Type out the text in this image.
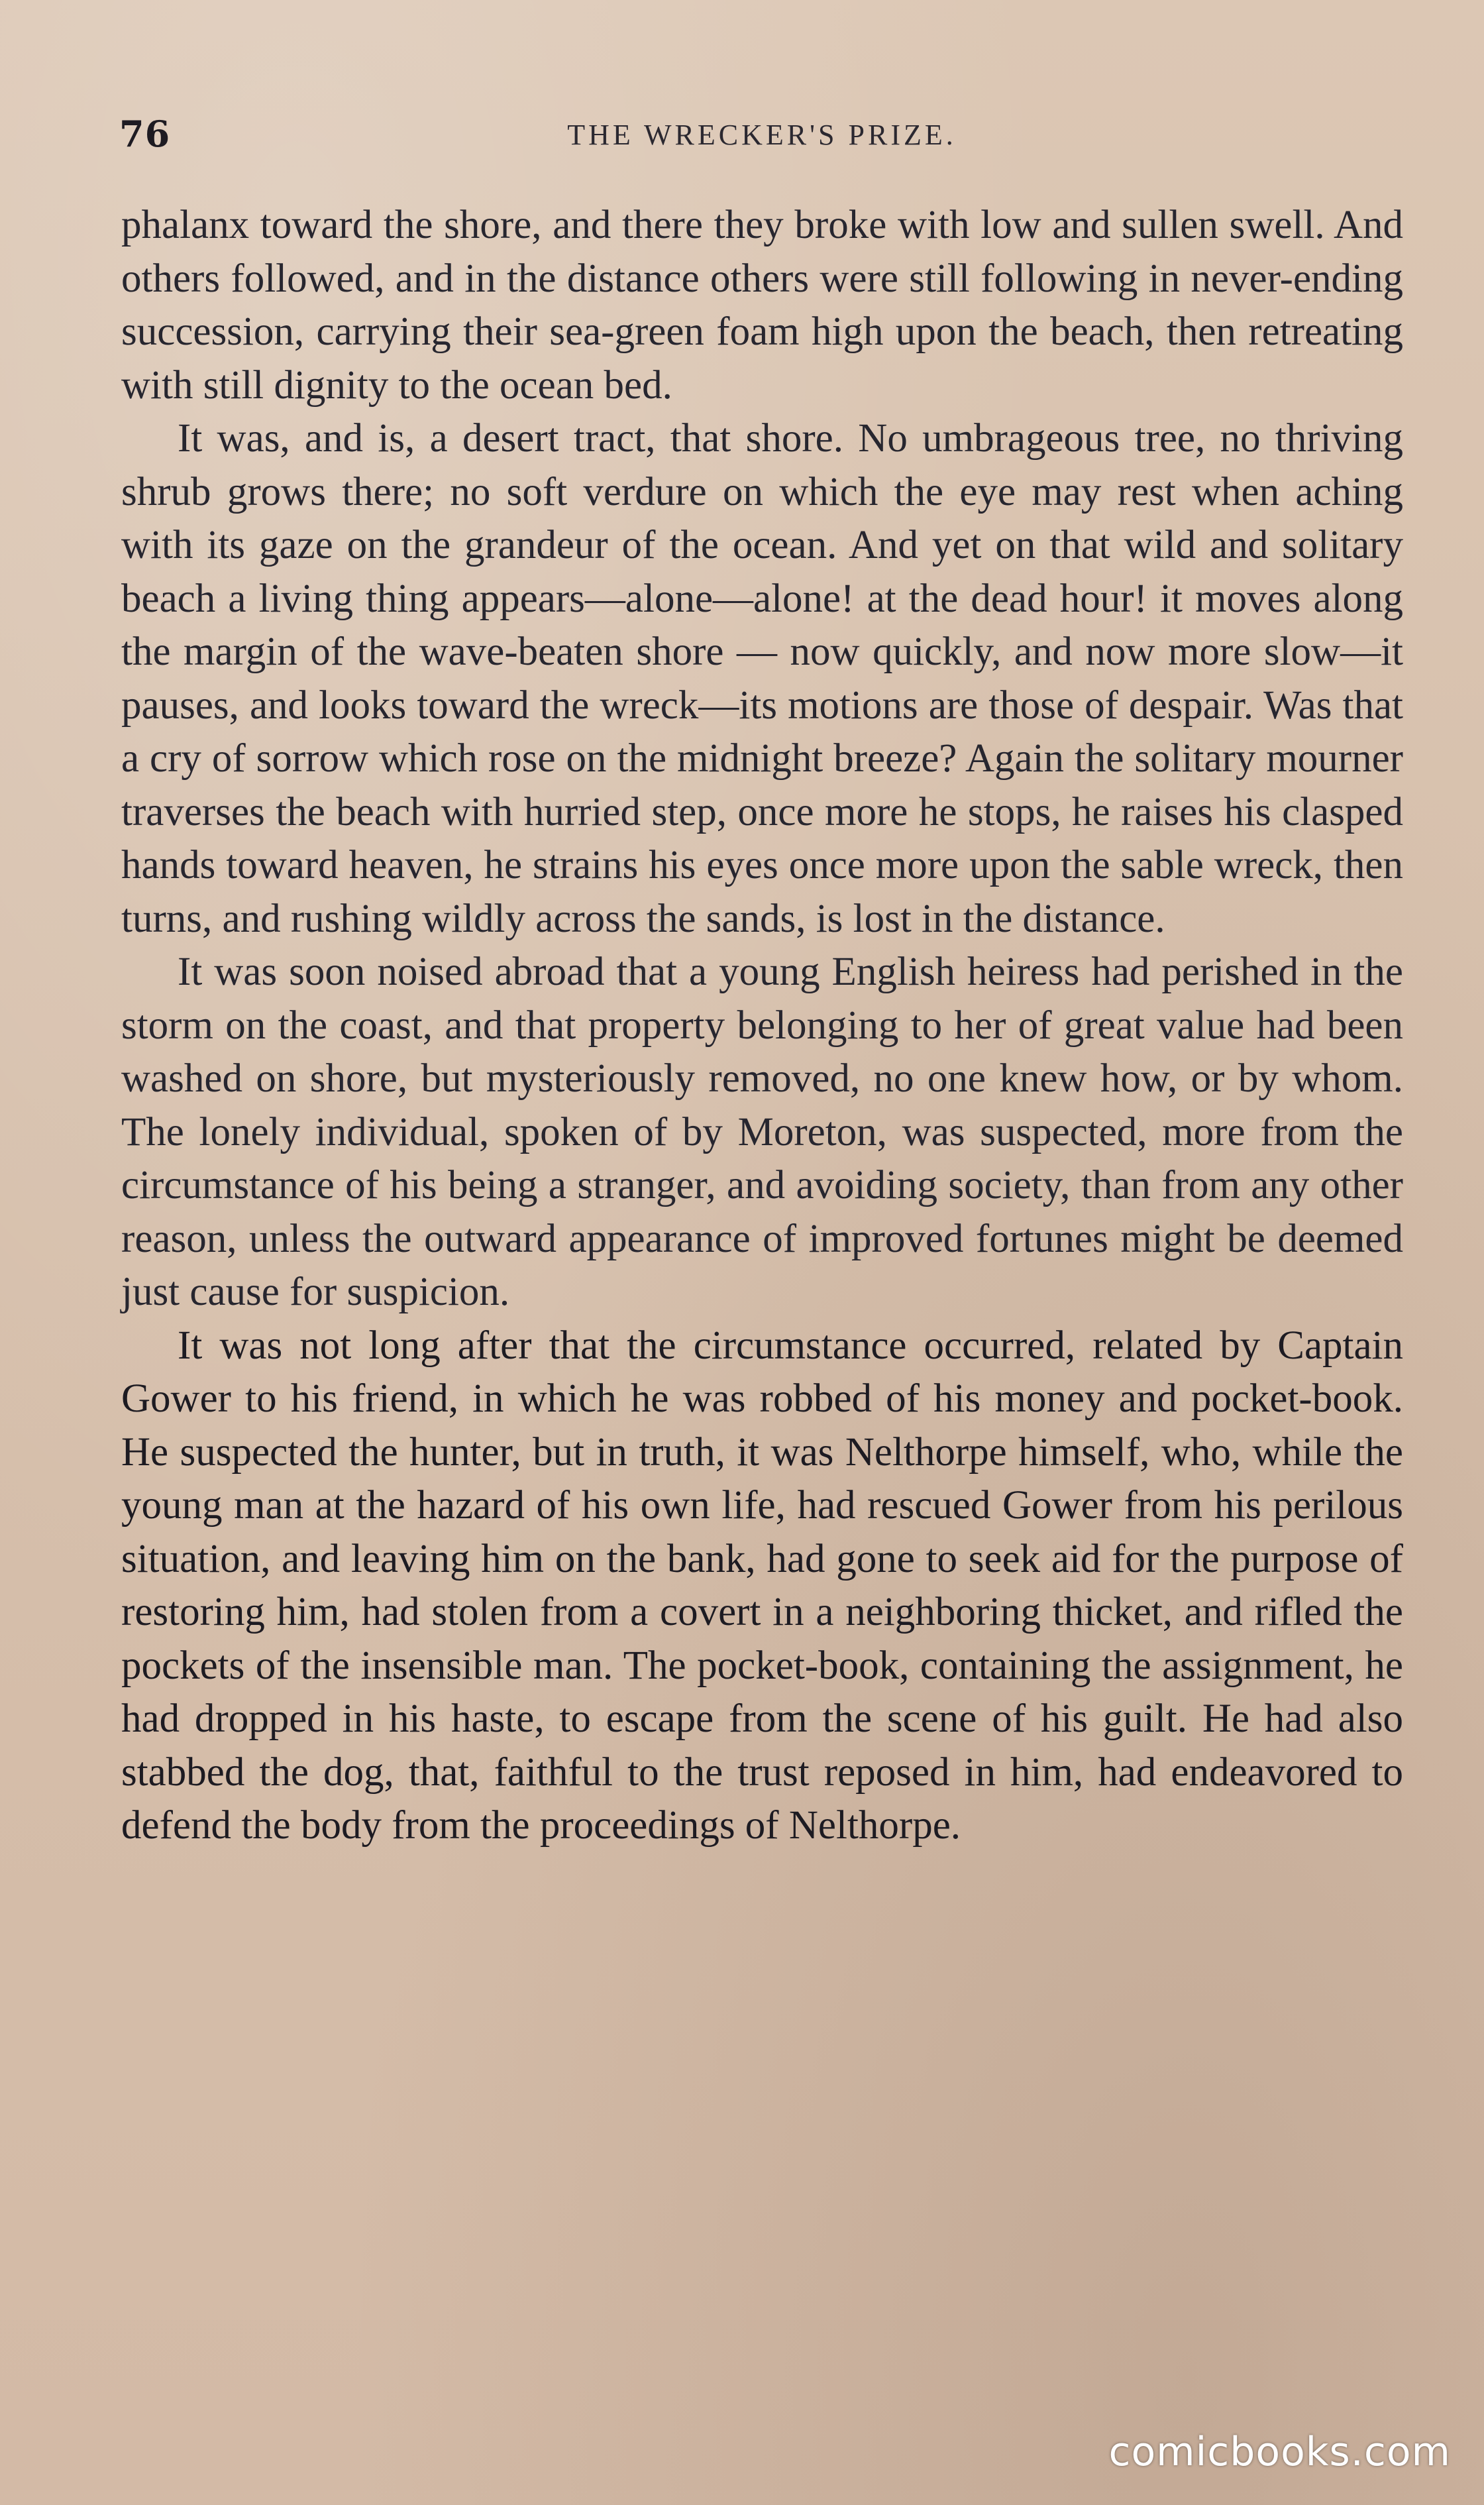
76	THE WRECKER'S PRIZE.

phalanx toward the shore, and there they broke with low and sullen swell. And others followed, and in the distance others were still following in never-ending succession, carrying their sea-green foam high upon the beach, then retreating with still dignity to the ocean bed.

It was, and is, a desert tract, that shore. No umbrageous tree, no thriving shrub grows there; no soft verdure on which the eye may rest when aching with its gaze on the grandeur of the ocean. And yet on that wild and solitary beach a living thing appears—alone—alone! at the dead hour! it moves along the margin of the wave-beaten shore — now quickly, and now more slow—it pauses, and looks toward the wreck—its motions are those of despair. Was that a cry of sorrow which rose on the midnight breeze? Again the solitary mourner traverses the beach with hurried step, once more he stops, he raises his clasped hands toward heaven, he strains his eyes once more upon the sable wreck, then turns, and rushing wildly across the sands, is lost in the distance.

It was soon noised abroad that a young English heiress had perished in the storm on the coast, and that property belonging to her of great value had been washed on shore, but mysteriously removed, no one knew how, or by whom. The lonely individual, spoken of by Moreton, was suspected, more from the circumstance of his being a stranger, and avoiding society, than from any other reason, unless the outward appearance of improved fortunes might be deemed just cause for suspicion.

It was not long after that the circumstance occurred, related by Captain Gower to his friend, in which he was robbed of his money and pocket-book. He suspected the hunter, but in truth, it was Nelthorpe himself, who, while the young man at the hazard of his own life, had rescued Gower from his perilous situation, and leaving him on the bank, had gone to seek aid for the purpose of restoring him, had stolen from a covert in a neighboring thicket, and rifled the pockets of the insensible man. The pocket-book, containing the assignment, he had dropped in his haste, to escape from the scene of his guilt. He had also stabbed the dog, that, faithful to the trust reposed in him, had endeavored to defend the body from the proceedings of Nelthorpe.

comicbooks.com
